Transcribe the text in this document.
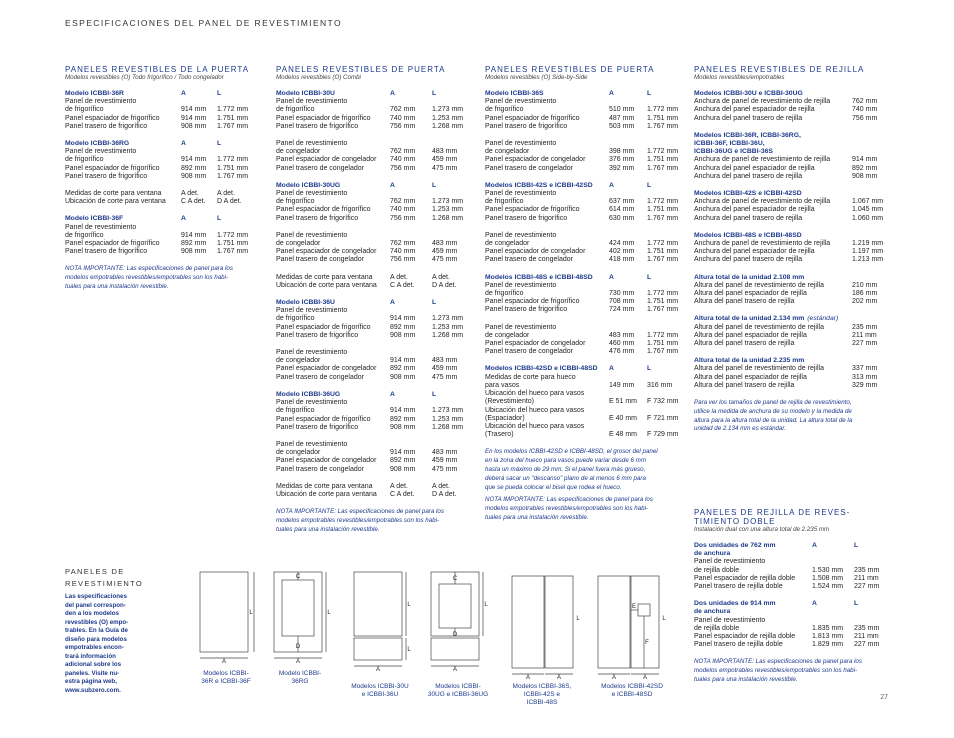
ESPECIFICACIONES DEL PANEL DE REVESTIMIENTO
PANELES REVESTIBLES DE LA PUERTA
Modelos revestibles (O) Todo frigorífico / Todo congelador
Modelo ICBBI-36R	A	L
Panel de revestimiento
de frigorífico	914 mm	1.772 mm
Panel espaciador de frigorífico	914 mm	1.751 mm
Panel trasero de frigorífico	908 mm	1.767 mm
Modelo ICBBI-36RG	A	L
Panel de revestimiento
de frigorífico	914 mm	1.772 mm
Panel espaciador de frigorífico	892 mm	1.751 mm
Panel trasero de frigorífico	908 mm	1.767 mm
Medidas de corte para ventana	A det.	A det.
Ubicación de corte para ventana	C A det.	D A det.
Modelo ICBBI-36F	A	L
Panel de revestimiento
de frigorífico	914 mm	1.772 mm
Panel espaciador de frigorífico	892 mm	1.751 mm
Panel trasero de frigorífico	908 mm	1.767 mm
NOTA IMPORTANTE: Las especificaciones de panel para los
modelos empotrables revestibles/empotrables son los habi-
tuales para una instalación revestible.
PANELES REVESTIBLES DE PUERTA
Modelos revestibles (O) Combi
Modelo ICBBI-30U	A	L
Panel de revestimiento
de frigorífico	762 mm	1.273 mm
Panel espaciador de frigorífico	740 mm	1.253 mm
Panel trasero de frigorífico	756 mm	1.268 mm
Panel de revestimiento
de congelador	762 mm	483 mm
Panel espaciador de congelador	740 mm	459 mm
Panel trasero de congelador	756 mm	475 mm
Modelo ICBBI-30UG	A	L
Panel de revestimiento
de frigorífico	762 mm	1.273 mm
Panel espaciador de frigorífico	740 mm	1.253 mm
Panel trasero de frigorífico	756 mm	1.268 mm
Panel de revestimiento
de congelador	762 mm	483 mm
Panel espaciador de congelador	740 mm	459 mm
Panel trasero de congelador	756 mm	475 mm
Medidas de corte para ventana	A det.	A det.
Ubicación de corte para ventana	C A det.	D A det.
Modelo ICBBI-36U	A	L
Panel de revestimiento
de frigorífico	914 mm	1.273 mm
Panel espaciador de frigorífico	892 mm	1.253 mm
Panel trasero de frigorífico	908 mm	1.268 mm
Panel de revestimiento
de congelador	914 mm	483 mm
Panel espaciador de congelador	892 mm	459 mm
Panel trasero de congelador	908 mm	475 mm
Modelo ICBBI-36UG	A	L
Panel de revestimiento
de frigorífico	914 mm	1.273 mm
Panel espaciador de frigorífico	892 mm	1.253 mm
Panel trasero de frigorífico	908 mm	1.268 mm
Panel de revestimiento
de congelador	914 mm	483 mm
Panel espaciador de congelador	892 mm	459 mm
Panel trasero de congelador	908 mm	475 mm
Medidas de corte para ventana	A det.	A det.
Ubicación de corte para ventana	C A det.	D A det.
NOTA IMPORTANTE: Las especificaciones de panel para los
modelos empotrables revestibles/empotrables son los habi-
tuales para una instalación revestible.
PANELES REVESTIBLES DE PUERTA
Modelos revestibles (O) Side-by-Side
Modelo ICBBI-36S	A	L
Panel de revestimiento
de frigorífico	510 mm	1.772 mm
Panel espaciador de frigorífico	487 mm	1.751 mm
Panel trasero de frigorífico	503 mm	1.767 mm
Panel de revestimiento
de congelador	398 mm	1.772 mm
Panel espaciador de congelador	376 mm	1.751 mm
Panel trasero de congelador	392 mm	1.767 mm
Modelos ICBBI-42S e ICBBI-42SD	A	L
Panel de revestimiento
de frigorífico	637 mm	1.772 mm
Panel espaciador de frigorífico	614 mm	1.751 mm
Panel trasero de frigorífico	630 mm	1.767 mm
Panel de revestimiento
de congelador	424 mm	1.772 mm
Panel espaciador de congelador	402 mm	1.751 mm
Panel trasero de congelador	418 mm	1.767 mm
Modelos ICBBI-48S e ICBBI-48SD	A	L
Panel de revestimiento
de frigorífico	730 mm	1.772 mm
Panel espaciador de frigorífico	708 mm	1.751 mm
Panel trasero de frigorífico	724 mm	1.767 mm
Panel de revestimiento
de congelador	483 mm	1.772 mm
Panel espaciador de congelador	460 mm	1.751 mm
Panel trasero de congelador	476 mm	1.767 mm
Modelos ICBBI-42SD e ICBBI-48SD	A	L
Medidas de corte para hueco
para vasos	149 mm	316 mm
Ubicación del hueco para vasos
(Revestimiento)	E 51 mm	F 732 mm
Ubicación del hueco para vasos
(Espaciador)	E 40 mm	F 721 mm
Ubicación del hueco para vasos
(Trasero)	E 48 mm	F 729 mm
En los modelos ICBBI-42SD e ICBBI-48SD, el grosor del panel
en la zona del hueco para vasos puede variar desde 6 mm
hasta un máximo de 29 mm. Si el panel fuera más grueso,
deberá sacar un "descanso" plano de al menos 6 mm para
que se pueda colocar el bisel que rodea el hueco.
NOTA IMPORTANTE: Las especificaciones de panel para los
modelos empotrables revestibles/empotrables son los habi-
tuales para una instalación revestible.
PANELES REVESTIBLES DE REJILLA
Modelos revestibles/empotrables
Modelos ICBBI-30U e ICBBI-30UG
Anchura de panel de revestimiento de rejilla	762 mm
Anchura del panel espaciador de rejilla	740 mm
Anchura del panel trasero de rejilla	756 mm
Modelos ICBBI-36R, ICBBI-36RG,
ICBBI-36F, ICBBI-36U,
ICBBI-36UG e ICBBI-36S
Anchura de panel de revestimiento de rejilla	914 mm
Anchura del panel espaciador de rejilla	892 mm
Anchura del panel trasero de rejilla	908 mm
Modelos ICBBI-42S e ICBBI-42SD
Anchura de panel de revestimiento de rejilla	1.067 mm
Anchura del panel espaciador de rejilla	1.045 mm
Anchura del panel trasero de rejilla	1.060 mm
Modelos ICBBI-48S e ICBBI-48SD
Anchura de panel de revestimiento de rejilla	1.219 mm
Anchura del panel espaciador de rejilla	1.197 mm
Anchura del panel trasero de rejilla	1.213 mm
Altura total de la unidad 2.108 mm
Altura del panel de revestimiento de rejilla	210 mm
Altura del panel espaciador de rejilla	186 mm
Altura del panel trasero de rejilla	202 mm
Altura total de la unidad 2.134 mm (estándar)
Altura del panel de revestimiento de rejilla	235 mm
Altura del panel espaciador de rejilla	211 mm
Altura del panel trasero de rejilla	227 mm
Altura total de la unidad 2.235 mm
Altura del panel de revestimiento de rejilla	337 mm
Altura del panel espaciador de rejilla	313 mm
Altura del panel trasero de rejilla	329 mm
Para ver los tamaños de panel de rejilla de revestimiento,
utilice la medida de anchura de su modelo y la medida de
altura para la altura total de la unidad. La altura total de la
unidad de 2.134 mm es estándar.
PANELES DE REJILLA DE REVES-
TIMIENTO DOBLE
Instalación dual con una altura total de 2.235 mm
Dos unidades de 762 mm
de anchura
A	L
Panel de revestimiento
de rejilla doble	1.530 mm	235 mm
Panel espaciador de rejilla doble	1.508 mm	211 mm
Panel trasero de rejilla doble	1.524 mm	227 mm
Dos unidades de 914 mm
de anchura
A	L
Panel de revestimiento
de rejilla doble	1.835 mm	235 mm
Panel espaciador de rejilla doble	1.813 mm	211 mm
Panel trasero de rejilla doble	1.829 mm	227 mm
NOTA IMPORTANTE: Las especificaciones de panel para los
modelos empotrables revestibles/empotrables son los habi-
tuales para una instalación revestible.
PANELES DE
REVESTIMIENTO
Las especificaciones
del panel correspon-
den a los modelos
revestibles (O) empo-
trables. En la Guía de
diseño para modelos
empotrables encon-
trará información
adicional sobre los
paneles. Visite nu-
estra página web,
www.subzero.com.
A
L
A
L
C
D
A
L
L
A
L
C
D
A	A
L
A	A
L
E
F
Modelos ICBBI-
36R e ICBBI-36F
Modelo ICBBI-
36RG
Modelos ICBBI-30U
e ICBBI-36U
Modelos ICBBI-
30UG e ICBBI-36UG
Modelos ICBBI-36S,
ICBBI-42S e
ICBBI-48S
Modelos ICBBI-42SD
e ICBBI-48SD	27
